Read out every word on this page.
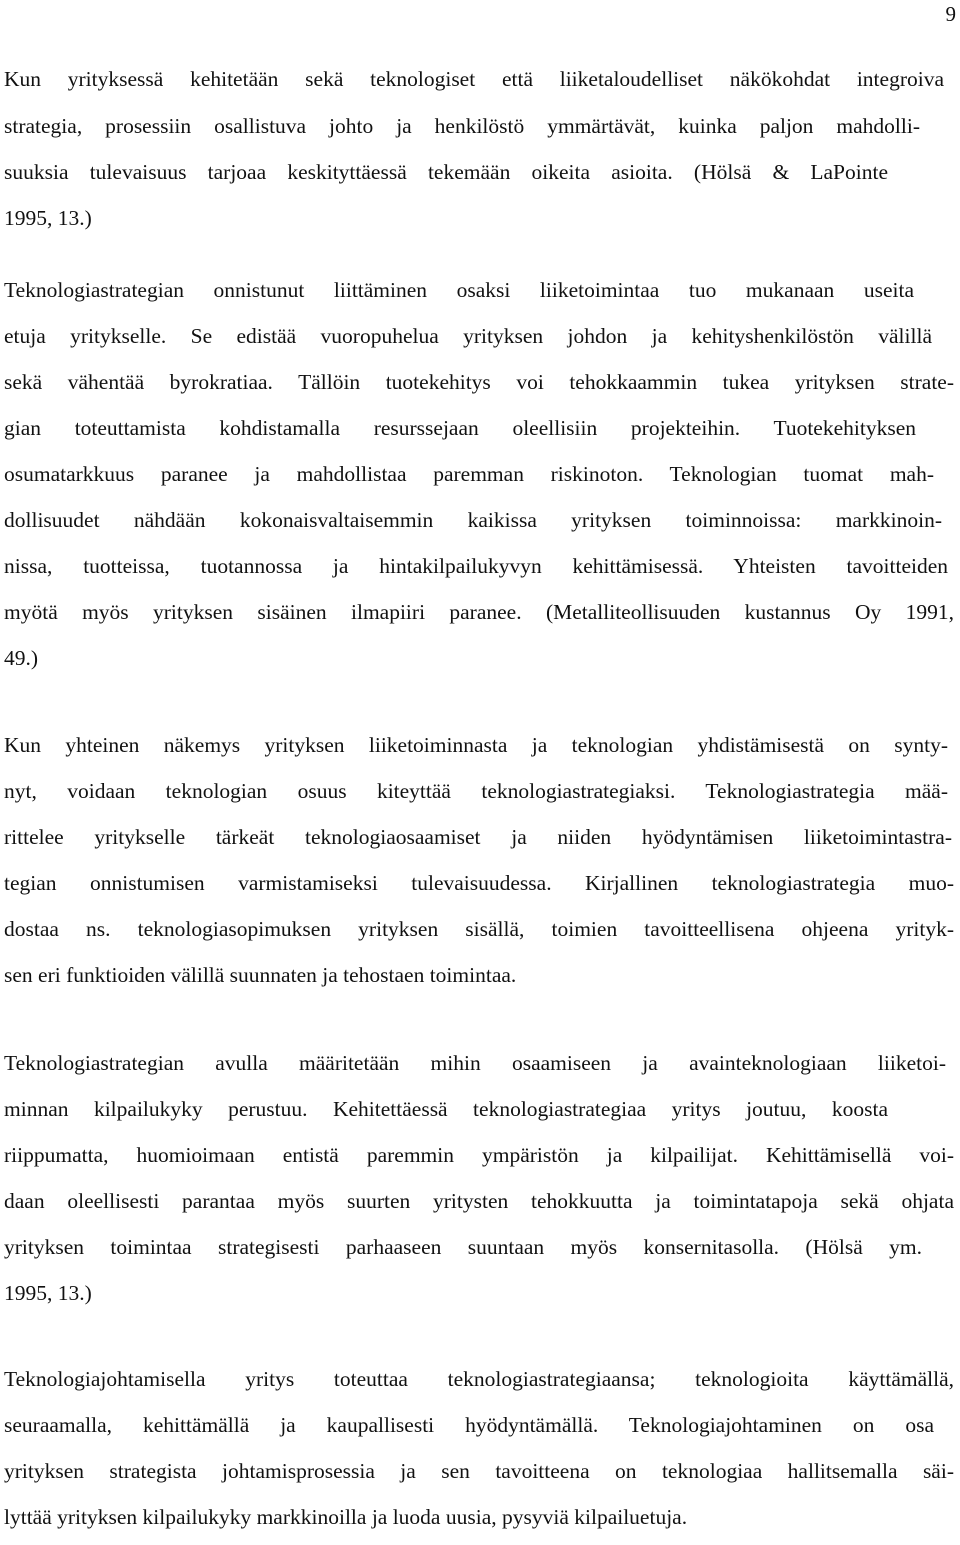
9
Kun yrityksessä kehitetään sekä teknologiset että liiketaloudelliset näkökohdat integroiva
strategia, prosessiin osallistuva johto ja henkilöstö ymmärtävät, kuinka paljon mahdolli-
suuksia tulevaisuus tarjoaa keskityttäessä tekemään oikeita asioita. (Hölsä & LaPointe
1995, 13.)
Teknologiastrategian onnistunut liittäminen osaksi liiketoimintaa tuo mukanaan useita
etuja yritykselle. Se edistää vuoropuhelua yrityksen johdon ja kehityshenkilöstön välillä
sekä vähentää byrokratiaa. Tällöin tuotekehitys voi tehokkaammin tukea yrityksen strate-
gian toteuttamista kohdistamalla resurssejaan oleellisiin projekteihin. Tuotekehityksen
osumatarkkuus paranee ja mahdollistaa paremman riskinoton. Teknologian tuomat mah-
dollisuudet nähdään kokonaisvaltaisemmin kaikissa yrityksen toiminnoissa: markkinoin-
nissa, tuotteissa, tuotannossa ja hintakilpailukyvyn kehittämisessä. Yhteisten tavoitteiden
myötä myös yrityksen sisäinen ilmapiiri paranee. (Metalliteollisuuden kustannus Oy 1991,
49.)
Kun yhteinen näkemys yrityksen liiketoiminnasta ja teknologian yhdistämisestä on synty-
nyt, voidaan teknologian osuus kiteyttää teknologiastrategiaksi. Teknologiastrategia mää-
rittelee yritykselle tärkeät teknologiaosaamiset ja niiden hyödyntämisen liiketoimintastra-
tegian onnistumisen varmistamiseksi tulevaisuudessa. Kirjallinen teknologiastrategia muo-
dostaa ns. teknologiasopimuksen yrityksen sisällä, toimien tavoitteellisena ohjeena yrityk-
sen eri funktioiden välillä suunnaten ja tehostaen toimintaa.
Teknologiastrategian avulla määritetään mihin osaamiseen ja avainteknologiaan liiketoi-
minnan kilpailukyky perustuu. Kehitettäessä teknologiastrategiaa yritys joutuu, koosta
riippumatta, huomioimaan entistä paremmin ympäristön ja kilpailijat. Kehittämisellä voi-
daan oleellisesti parantaa myös suurten yritysten tehokkuutta ja toimintatapoja sekä ohjata
yrityksen toimintaa strategisesti parhaaseen suuntaan myös konsernitasolla. (Hölsä ym.
1995, 13.)
Teknologiajohtamisella yritys toteuttaa teknologiastrategiaansa; teknologioita käyttämällä,
seuraamalla, kehittämällä ja kaupallisesti hyödyntämällä. Teknologiajohtaminen on osa
yrityksen strategista johtamisprosessia ja sen tavoitteena on teknologiaa hallitsemalla säi-
lyttää yrityksen kilpailukyky markkinoilla ja luoda uusia, pysyviä kilpailuetuja.
